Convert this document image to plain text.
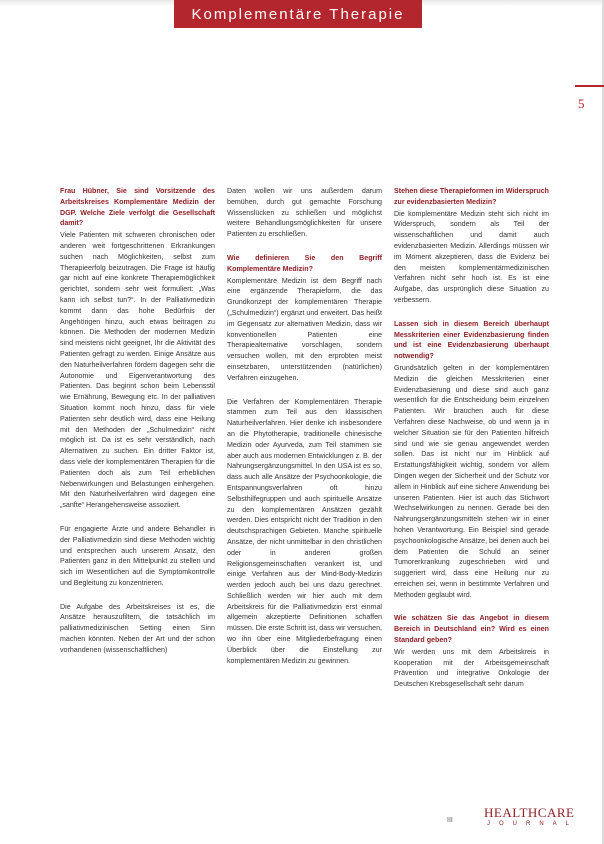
Komplementäre Therapie
5

Frau Hübner, Sie sind Vorsitzende des Arbeitskreises Komplementäre Medizin der DGP. Welche Ziele verfolgt die Gesellschaft damit?

Viele Patienten mit schweren chronischen oder anderen weit fortgeschrittenen Erkrankungen suchen nach Möglichkeiten, selbst zum Therapieerfolg beizutragen. Die Frage ist häufig gar nicht auf eine konkrete Therapiemöglichkeit gerichtet, sondern sehr weit formuliert: „Was kann ich selbst tun?“. In der Palliativmedizin kommt dann das hohe Bedürfnis der Angehörigen hinzu, auch etwas beitragen zu können. Die Methoden der modernen Medizin sind meistens nicht geeignet, Ihr die Aktivität des Patienten gefragt zu werden. Einige Ansätze aus den Naturheilverfahren fördern dagegen sehr die Autonomie und Eigenverantwortung des Patienten. Das beginnt schon beim Lebensstil wie Ernährung, Bewegung etc. In der palliativen Situation kommt noch hinzu, dass für viele Patienten sehr deutlich wird, dass eine Heilung mit den Methoden der „Schulmedizin“ nicht möglich ist. Da ist es sehr verständlich, nach Alternativen zu suchen. Ein dritter Faktor ist, dass viele der komplementären Therapien für die Patienten doch als zum Teil erheblichen Nebenwirkungen und Belastungen einhergehen. Mit den Naturheilverfahren wird dagegen eine „sanfte“ Herangehensweise assoziiert.

Für engagierte Ärzte und andere Behandler in der Palliativmedizin sind diese Methoden wichtig und entsprechen auch unserem Ansatz, den Patienten ganz in den Mittelpunkt zu stellen und sich im Wesentlichen auf die Symptomkontrolle und Begleitung zu konzentrieren.

Die Aufgabe des Arbeitskreises ist es, die Ansätze herauszufiltern, die tatsächlich im palliativmedizinischen Setting einen Sinn machen könnten. Neben der Art und der schon vorhandenen (wissenschaftlichen)

Daten wollen wir uns außerdem darum bemühen, durch gut gemachte Forschung Wissenslücken zu schließen und möglichst weitere Behandlungsmöglichkeiten für unsere Patienten zu erschließen.

Wie definieren Sie den Begriff Komplementäre Medizin?

Komplementäre Medizin ist dem Begriff nach eine ergänzende Therapieform, die das Grundkonzept der komplementären Therapie („Schulmedizin“) ergänzt und erweitert. Das heißt im Gegensatz zur alternativen Medizin, dass wir konventionellen Patienten eine Therapiealternative vorschlagen, sondern versuchen wollen, mit den erprobten meist einsetzbaren, unterstützenden (natürlichen) Verfahren einzugehen.

Die Verfahren der Komplementären Therapie stammen zum Teil aus den klassischen Naturheilverfahren. Hier denke ich insbesondere an die Phytotherapie, traditionelle chinesische Medizin oder Ayurveda, zum Teil stammen sie aber auch aus modernen Entwicklungen z. B. der Nahrungsergänzungsmittel. In den USA ist es so, dass auch alle Ansätze der Psychoonkologie, die Entspannungsverfahren oft hinzu Selbsthilfegruppen und auch spirituelle Ansätze zu den komplementären Ansätzen gezählt werden. Dies entspricht nicht der Tradition in den deutschsprachigen Gebieten. Manche spirituelle Ansätze, der nicht unmittelbar in den christlichen oder in anderen großen Religionsgemeinschaften verankert ist, und einige Verfahren aus der Mind-Body-Medizin werden jedoch auch bei uns dazu gerechnet. Schließlich werden wir hier auch mit dem Arbeitskreis für die Palliativmedizin erst einmal allgemein akzeptierte Definitionen schaffen müssen. Die erste Schritt ist, dass wir versuchen, wo ihn über eine Mitgliederbefragung einen Überblick über die Einstellung zur komplementären Medizin zu gewinnen.

Stehen diese Therapieformen im Widerspruch zur evidenzbasierten Medizin?

Die komplementäre Medizin steht sich nicht im Widerspruch, sondern als Teil der wissenschaftlichen und damit auch evidenzbasierten Medizin. Allerdings müssen wir im Moment akzeptieren, dass die Evidenz bei den meisten komplementärmedizinischen Verfahren nicht sehr hoch ist. Es ist eine Aufgabe, das ursprünglich diese Situation zu verbessern.

Lassen sich in diesem Bereich überhaupt Messkriterien einer Evidenzbasierung finden und ist eine Evidenzbasierung überhaupt notwendig?

Grundsätzlich gelten in der komplementären Medizin die gleichen Messkriterien einer Evidenzbasierung und diese sind auch ganz wesentlich für die Entscheidung beim einzelnen Patienten. Wir brauchen auch für diese Verfahren diese Nachweise, ob und wenn ja in welcher Situation sie für den Patienten hilfreich sind und wie sie genau angewendet werden sollen. Das ist nicht nur im Hinblick auf Erstattungsfähigkeit wichtig, sondern vor allem Dingen wegen der Sicherheit und der Schutz vor allem in Hinblick auf eine sichere Anwendung bei unseren Patienten. Hier ist auch das Stichwort Wechselwirkungen zu nennen. Gerade bei den Nahrungsergänzungsmitteln stehen wir in einer hohen Verantwortung. Ein Beispiel sind gerade psychoonkologische Ansätze, bei denen auch bei dem Patienten die Schuld an seiner Tumorerkrankung zugeschrieben wird und suggeriert wird, dass eine Heilung nur zu erreichen sei, wenn in bestimmte Verfahren und Methoden geglaubt wird.

Wie schätzen Sie das Angebot in diesem Bereich in Deutschland ein? Wird es einen Standard geben?

Wir werden uns mit dem Arbeitskreis in Kooperation mit der Arbeitsgemeinschaft Prävention und integrative Onkologie der Deutschen Krebsgesellschaft sehr darum

III
HEALTHCARE
JOURNAL
